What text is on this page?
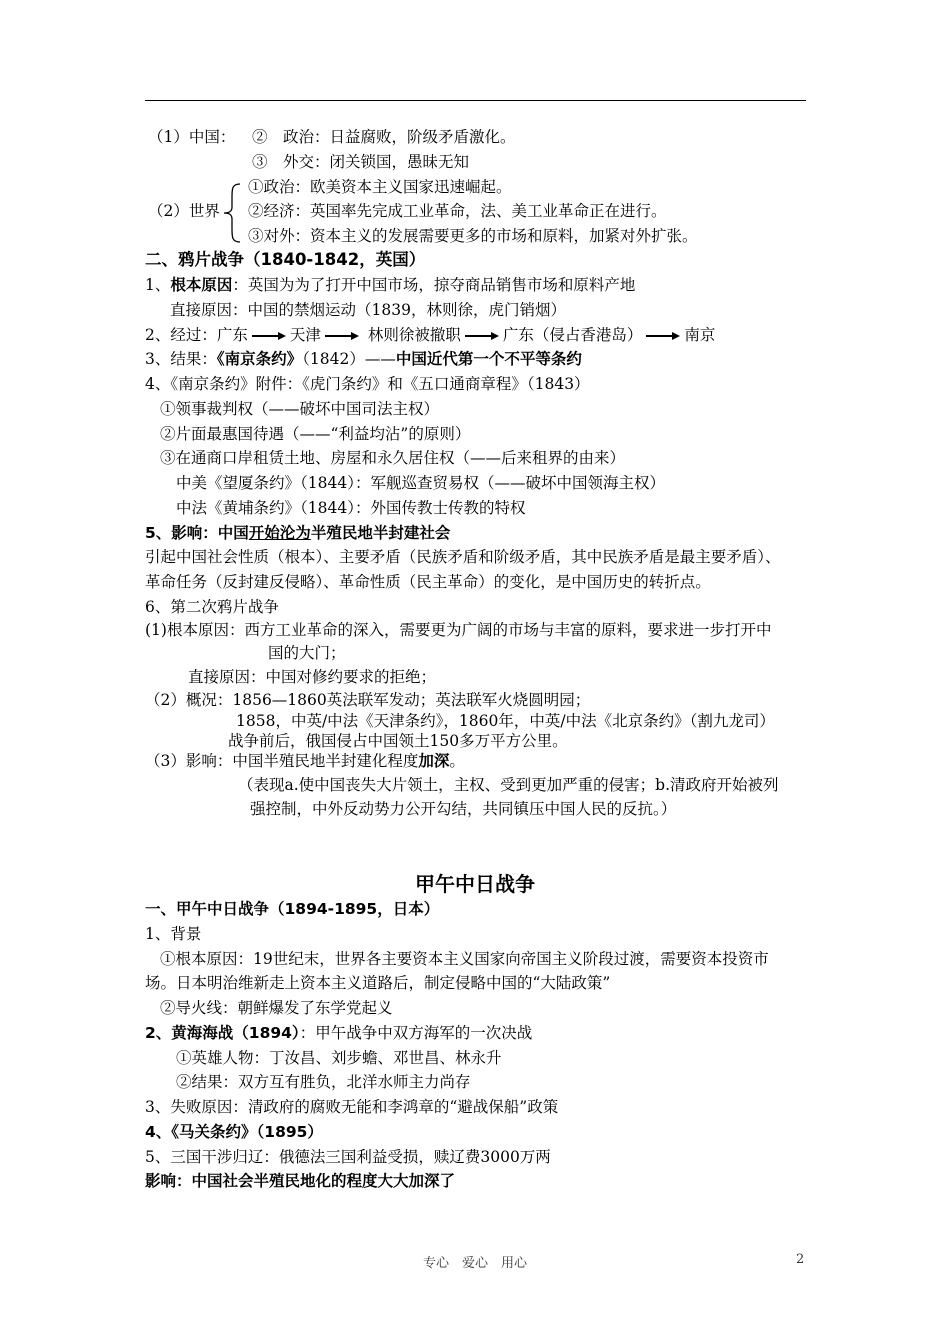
（1）中国： ②　政治：日益腐败，阶级矛盾激化。
③　外交：闭关锁国，愚昧无知
①政治：欧美资本主义国家迅速崛起。
（2）世界 ②经济：英国率先完成工业革命，法、美工业革命正在进行。
③对外：资本主义的发展需要更多的市场和原料，加紧对外扩张。
二、鸦片战争（1840-1842，英国）
1、根本原因：英国为为了打开中国市场，掠夺商品销售市场和原料产地
直接原因：中国的禁烟运动（1839，林则徐，虎门销烟）
2、经过：广东	天津	林则徐被撤职	广东（侵占香港岛）	南京
3、结果：《南京条约》（1842）——中国近代第一个不平等条约
4、《南京条约》附件：《虎门条约》和《五口通商章程》（1843）
①领事裁判权（——破坏中国司法主权）
②片面最惠国待遇（——“利益均沾”的原则）
③在通商口岸租赁土地、房屋和永久居住权（——后来租界的由来）
中美《望厦条约》（1844）：军舰巡查贸易权（——破坏中国领海主权）
中法《黄埔条约》（1844）：外国传教士传教的特权
5、影响：中国开始沦为半殖民地半封建社会
引起中国社会性质（根本）、主要矛盾（民族矛盾和阶级矛盾，其中民族矛盾是最主要矛盾）、
革命任务（反封建反侵略）、革命性质（民主革命）的变化，是中国历史的转折点。
6、第二次鸦片战争
(1)根本原因：西方工业革命的深入，需要更为广阔的市场与丰富的原料，要求进一步打开中
国的大门；
直接原因：中国对修约要求的拒绝；
（2）概况：1856—1860英法联军发动；英法联军火烧圆明园；
1858，中英/中法《天津条约》，1860年，中英/中法《北京条约》（割九龙司）
战争前后，俄国侵占中国领土150多万平方公里。
（3）影响：中国半殖民地半封建化程度加深。
（表现a.使中国丧失大片领土，主权、受到更加严重的侵害；b.清政府开始被列
强控制，中外反动势力公开勾结，共同镇压中国人民的反抗。）
甲午中日战争
一、甲午中日战争（1894-1895，日本）
1、背景
①根本原因：19世纪末，世界各主要资本主义国家向帝国主义阶段过渡，需要资本投资市
场。日本明治维新走上资本主义道路后，制定侵略中国的“大陆政策”
②导火线：朝鲜爆发了东学党起义
2、黄海海战（1894）：甲午战争中双方海军的一次决战
①英雄人物：丁汝昌、刘步蟾、邓世昌、林永升
②结果：双方互有胜负，北洋水师主力尚存
3、失败原因：清政府的腐败无能和李鸿章的“避战保船”政策
4、《马关条约》（1895）
5、三国干涉归辽：俄德法三国利益受损，赎辽费3000万两
影响：中国社会半殖民地化的程度大大加深了
专心　爱心　用心	2
